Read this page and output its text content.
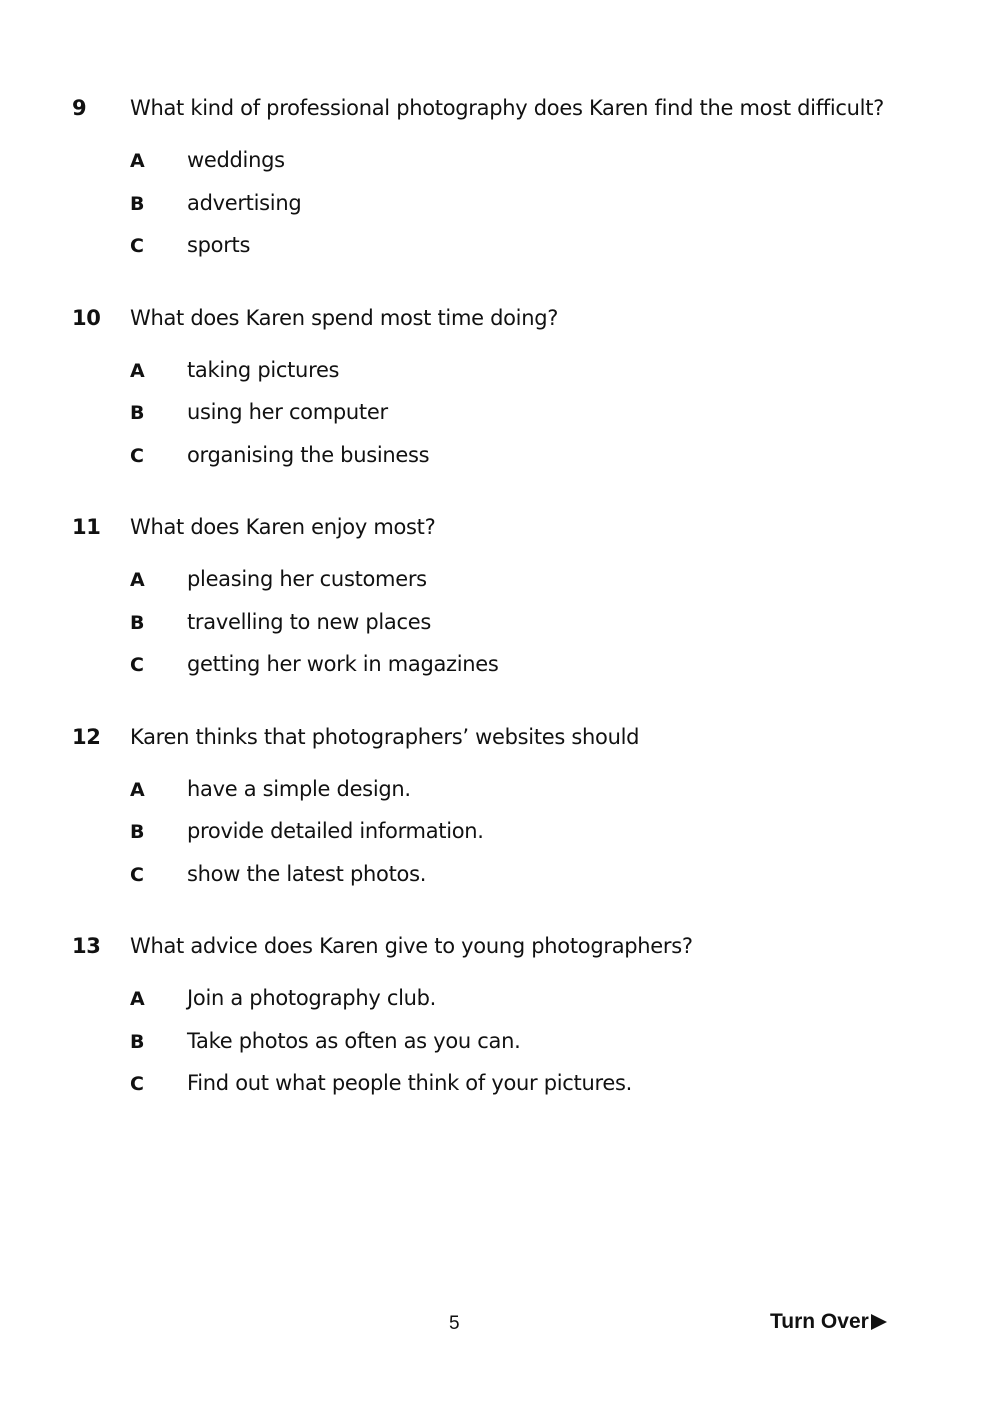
9	What kind of professional photography does Karen find the most difficult?
A	weddings
B	advertising
C	sports
10	What does Karen spend most time doing?
A	taking pictures
B	using her computer
C	organising the business
11	What does Karen enjoy most?
A	pleasing her customers
B	travelling to new places
C	getting her work in magazines
12	Karen thinks that photographers’ websites should
A	have a simple design.
B	provide detailed information.
C	show the latest photos.
13	What advice does Karen give to young photographers?
A	Join a photography club.
B	Take photos as often as you can.
C	Find out what people think of your pictures.
5	Turn Over
